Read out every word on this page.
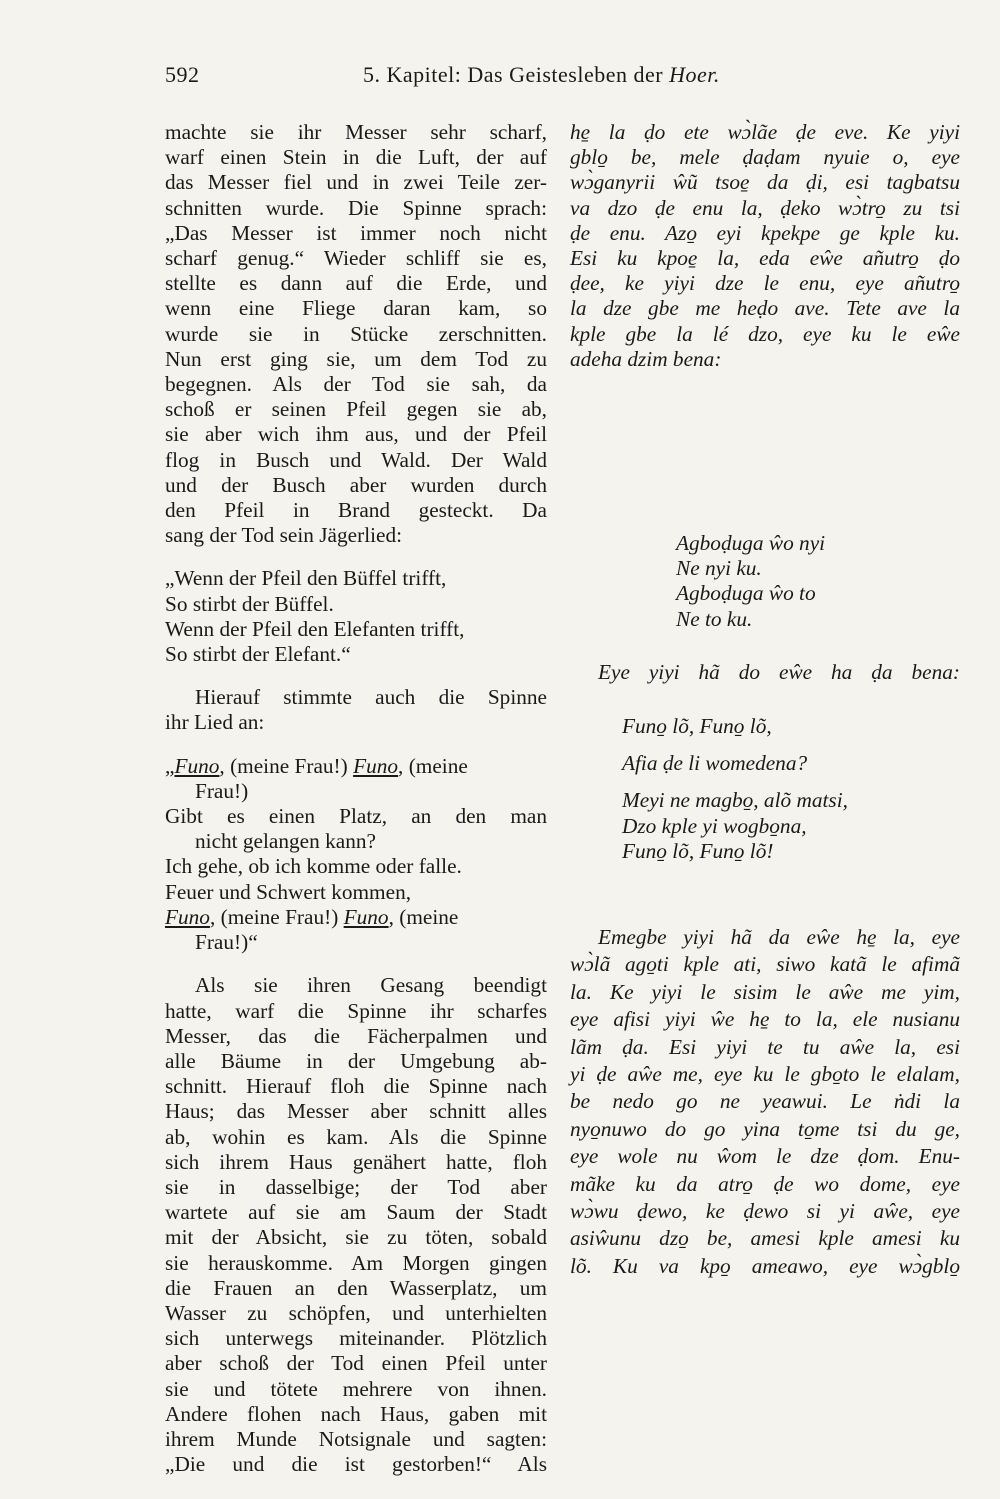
592	5. Kapitel: Das Geistesleben der Hoer.

machte sie ihr Messer sehr scharf,
warf einen Stein in die Luft, der auf
das Messer fiel und in zwei Teile zer-
schnitten wurde. Die Spinne sprach:
„Das Messer ist immer noch nicht
scharf genug.“ Wieder schliff sie es,
stellte es dann auf die Erde, und
wenn eine Fliege daran kam, so
wurde sie in Stücke zerschnitten.
Nun erst ging sie, um dem Tod zu
begegnen. Als der Tod sie sah, da
schoß er seinen Pfeil gegen sie ab,
sie aber wich ihm aus, und der Pfeil
flog in Busch und Wald. Der Wald
und der Busch aber wurden durch
den Pfeil in Brand gesteckt. Da
sang der Tod sein Jägerlied:

„Wenn der Pfeil den Büffel trifft,
So stirbt der Büffel.
Wenn der Pfeil den Elefanten trifft,
So stirbt der Elefant.“

Hierauf stimmte auch die Spinne
ihr Lied an:

„Funo, (meine Frau!) Funo, (meine
Frau!)
Gibt es einen Platz, an den man
nicht gelangen kann?
Ich gehe, ob ich komme oder falle.
Feuer und Schwert kommen,
Funo, (meine Frau!) Funo, (meine
Frau!)“

Als sie ihren Gesang beendigt
hatte, warf die Spinne ihr scharfes
Messer, das die Fächerpalmen und
alle Bäume in der Umgebung ab-
schnitt. Hierauf floh die Spinne nach
Haus; das Messer aber schnitt alles
ab, wohin es kam. Als die Spinne
sich ihrem Haus genähert hatte, floh
sie in dasselbige; der Tod aber
wartete auf sie am Saum der Stadt
mit der Absicht, sie zu töten, sobald
sie herauskomme. Am Morgen gingen
die Frauen an den Wasserplatz, um
Wasser zu schöpfen, und unterhielten
sich unterwegs miteinander. Plötzlich
aber schoß der Tod einen Pfeil unter
sie und tötete mehrere von ihnen.
Andere flohen nach Haus, gaben mit
ihrem Munde Notsignale und sagten:
„Die und die ist gestorben!“ Als

he̱ la ḍo ete wɔ̀lãe ḍe eve. Ke yiyi
gblo̱ be, mele ḍaḍam nyuie o, eye
wɔ̀ganyrii ŵũ tsoe̱ da ḍi, esi tagbatsu
va dzo ḍe enu la, ḍeko wɔ̀tro̱ zu tsi
ḍe enu. Azo̱ eyi kpekpe ge kple ku.
Esi ku kpoe̱ la, eda eŵe añutro̱ ḍo
ḍee, ke yiyi dze le enu, eye añutro̱
la dze gbe me heḍo ave. Tete ave la
kple gbe la lé dzo, eye ku le eŵe
adeha dzim bena:

Agboḍuga ŵo nyi
Ne nyi ku.
Agboḍuga ŵo to
Ne to ku.
Eye yiyi hã do eŵe ha ḍa bena:
Funo̱ lõ, Funo̱ lõ,
Afia ḍe li womedena?
Meyi ne magbo̱, alõ matsi,
Dzo kple yi wogbo̱na,
Funo̱ lõ, Funo̱ lõ!
Emegbe yiyi hã da eŵe he̱ la, eye
wɔ̀lã ago̱ti kple ati, siwo katã le afimã
la. Ke yiyi le sisim le aŵe me yim,
eye afisi yiyi ŵe he̱ to la, ele nusianu
lãm ḍa. Esi yiyi te tu aŵe la, esi
yi ḍe aŵe me, eye ku le gbo̱to le elalam,
be nedo go ne yeawui. Le ṅdi la
nyo̱nuwo do go yina to̱me tsi du ge,
eye wole nu ŵom le dze ḍom. Enu-
mãke ku da atro̱ ḍe wo dome, eye
wɔ̀wu ḍewo, ke ḍewo si yi aŵe, eye
asiŵunu dzo̱ be, amesi kple amesi ku
lõ. Ku va kpo̱ ameawo, eye wɔ̀gblo̱
